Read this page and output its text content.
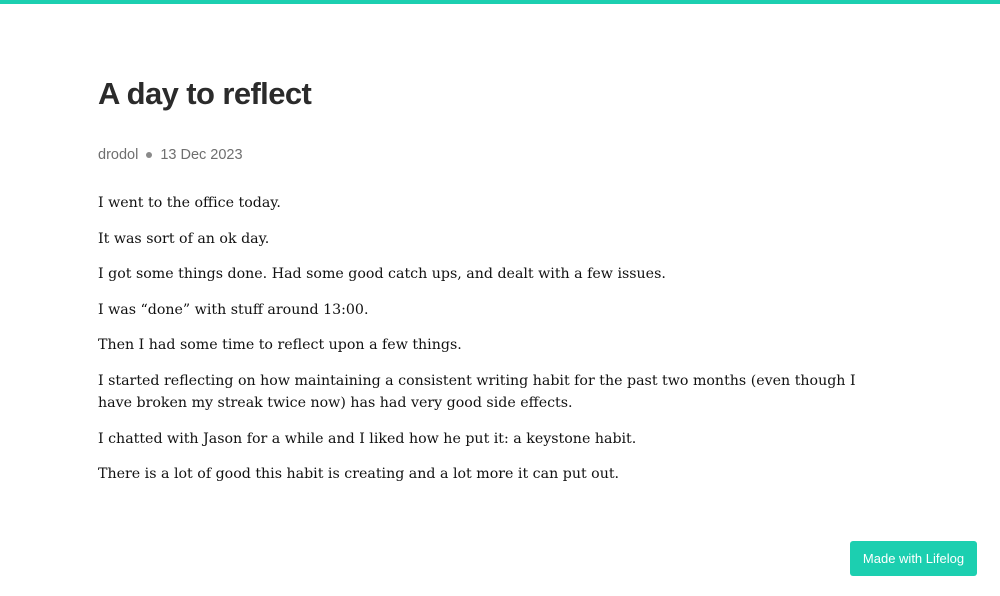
A day to reflect
drodol 13 Dec 2023

I went to the office today.

It was sort of an ok day.

I got some things done. Had some good catch ups, and dealt with a few issues.

I was “done” with stuff around 13:00.

Then I had some time to reflect upon a few things.

I started reflecting on how maintaining a consistent writing habit for the past two months (even though I have broken my streak twice now) has had very good side effects.

I chatted with Jason for a while and I liked how he put it: a keystone habit.

There is a lot of good this habit is creating and a lot more it can put out.

Made with Lifelog
